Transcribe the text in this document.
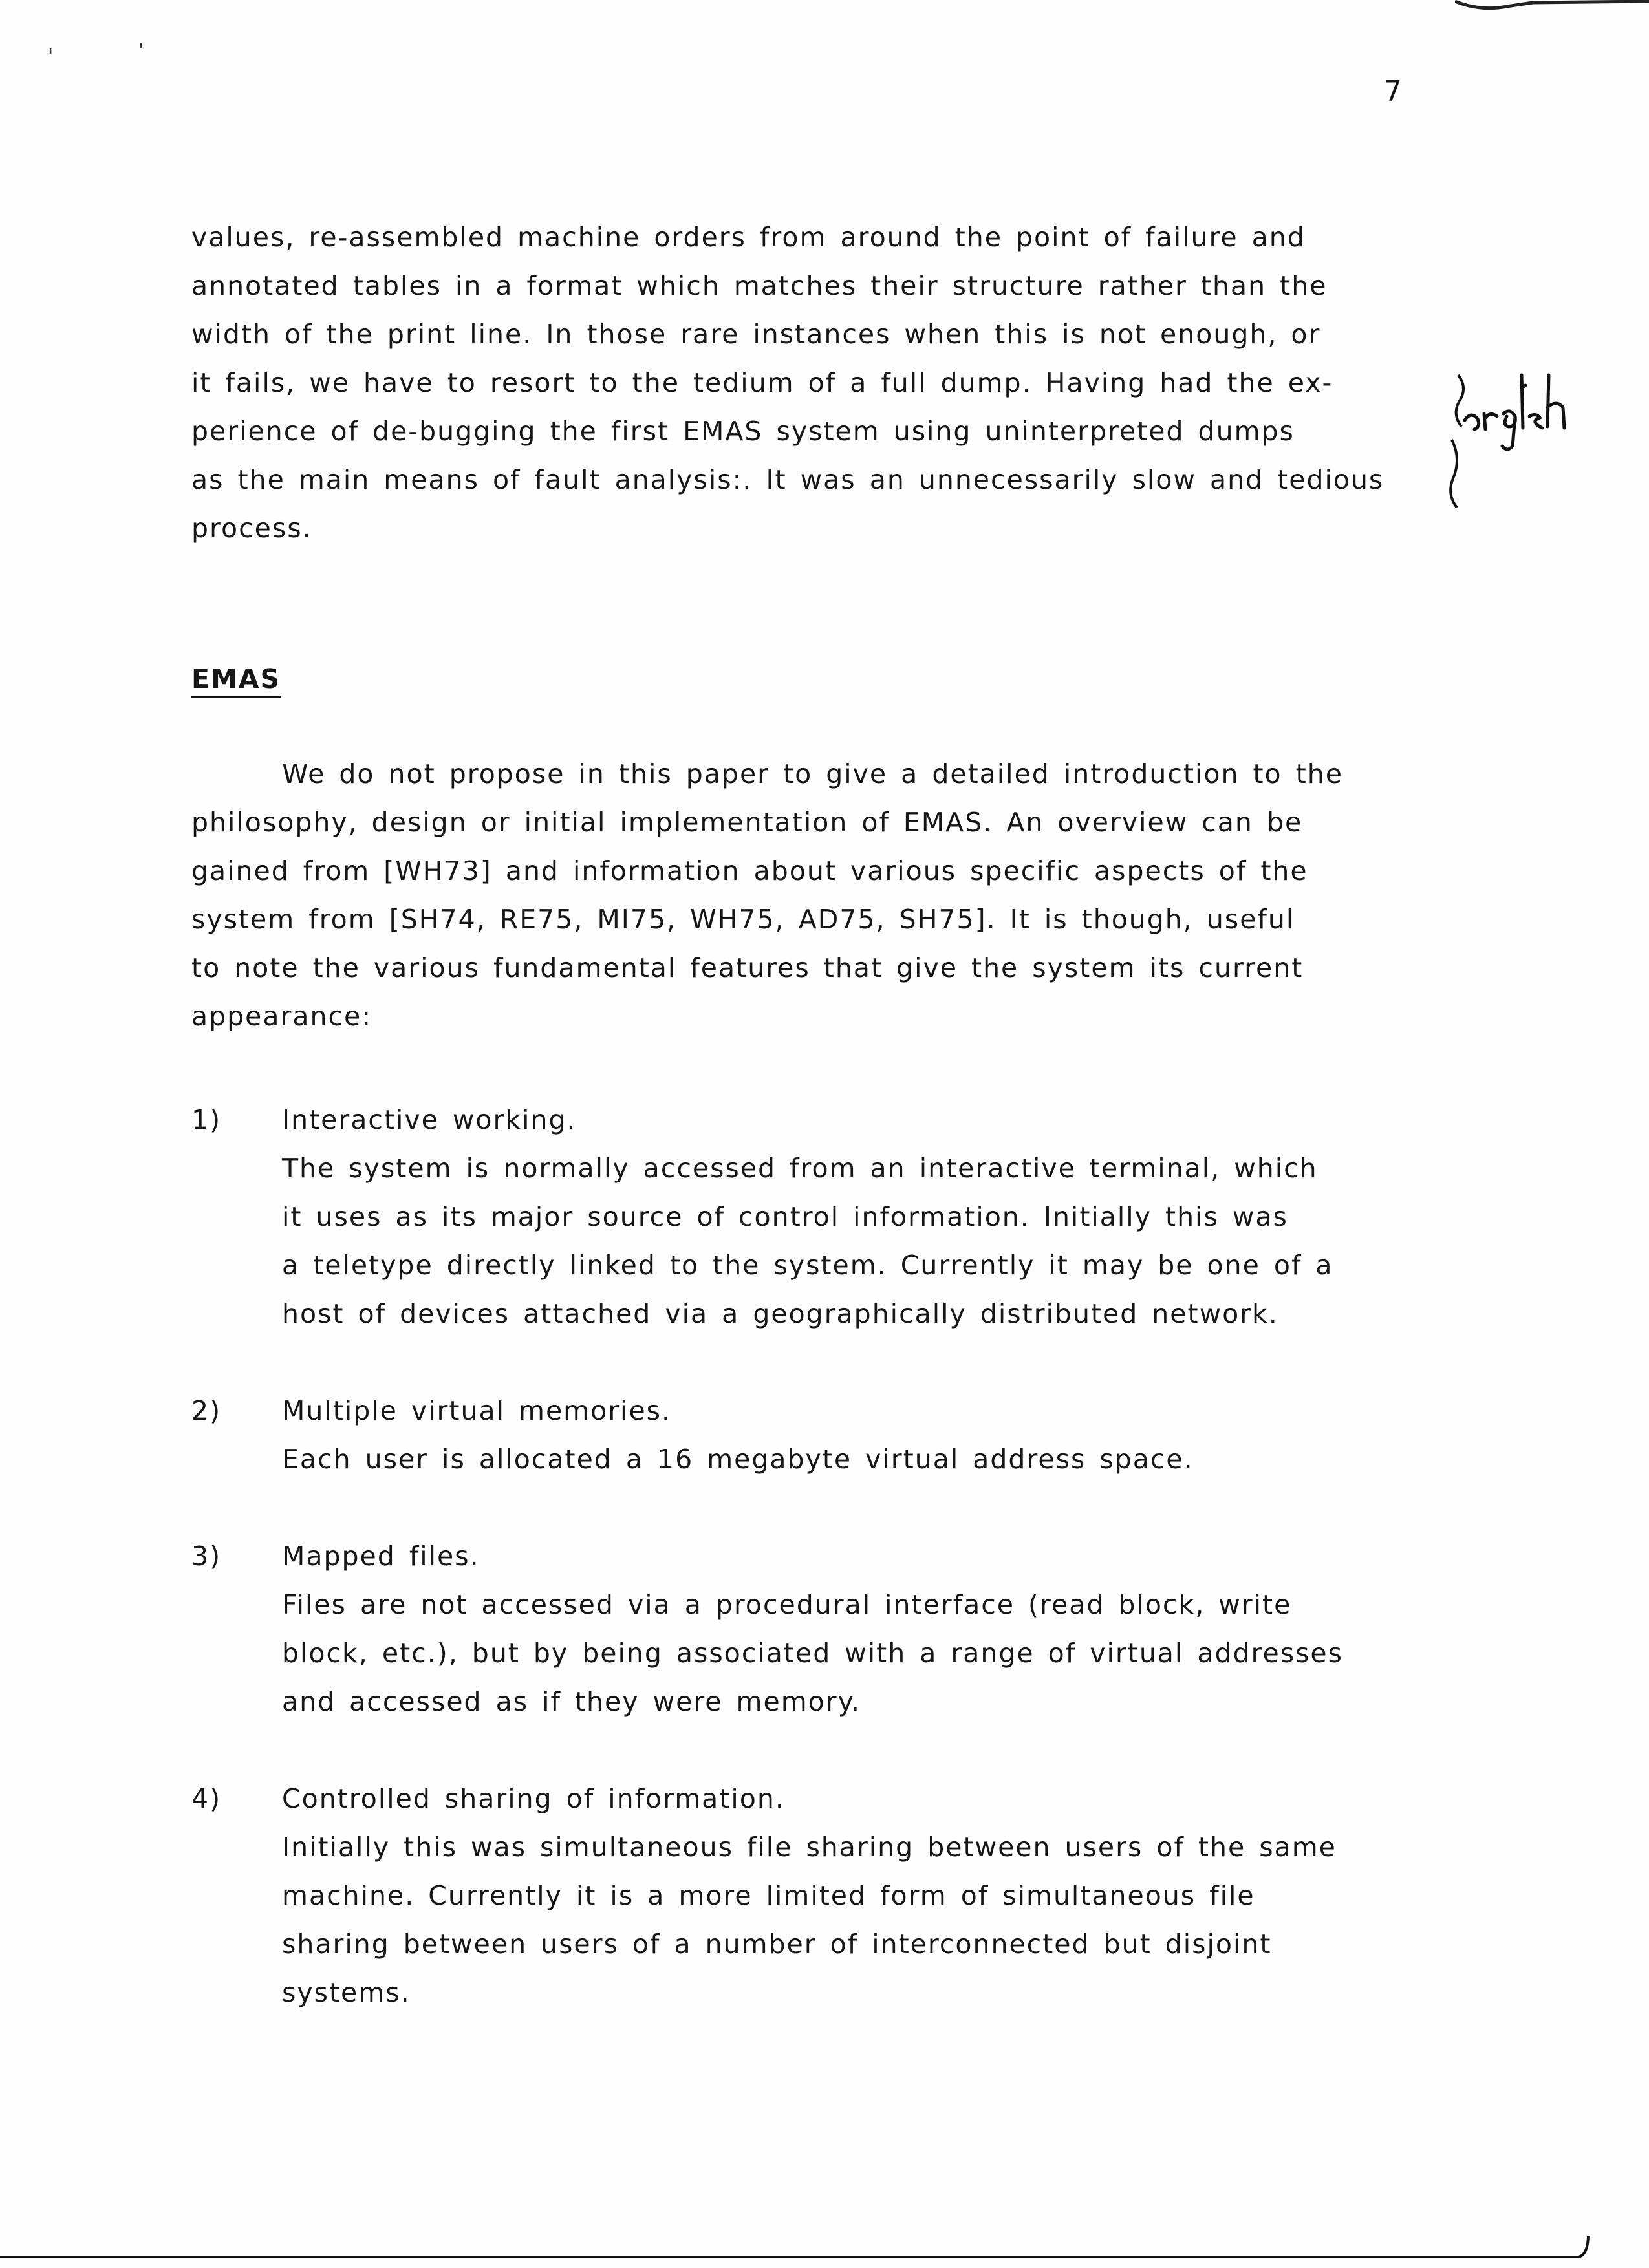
'	'

7

values, re-assembled machine orders from around the point of failure and
annotated tables in a format which matches their structure rather than the
width of the print line. In those rare instances when this is not enough, or
it fails, we have to resort to the tedium of a full dump. Having had the ex-
perience of de-bugging the first EMAS system using uninterpreted dumps
as the main means of fault analysis:. It was an unnecessarily slow and tedious
process.
EMAS
We do not propose in this paper to give a detailed introduction to the
philosophy, design or initial implementation of EMAS. An overview can be
gained from [WH73] and information about various specific aspects of the
system from [SH74, RE75, MI75, WH75, AD75, SH75]. It is though, useful
to note the various fundamental features that give the system its current
appearance:
1) Interactive working.
The system is normally accessed from an interactive terminal, which
it uses as its major source of control information. Initially this was
a teletype directly linked to the system. Currently it may be one of a
host of devices attached via a geographically distributed network.
2) Multiple virtual memories.
Each user is allocated a 16 megabyte virtual address space.
3) Mapped files.
Files are not accessed via a procedural interface (read block, write
block, etc.), but by being associated with a range of virtual addresses
and accessed as if they were memory.
4) Controlled sharing of information.
Initially this was simultaneous file sharing between users of the same
machine. Currently it is a more limited form of simultaneous file
sharing between users of a number of interconnected but disjoint
systems.
